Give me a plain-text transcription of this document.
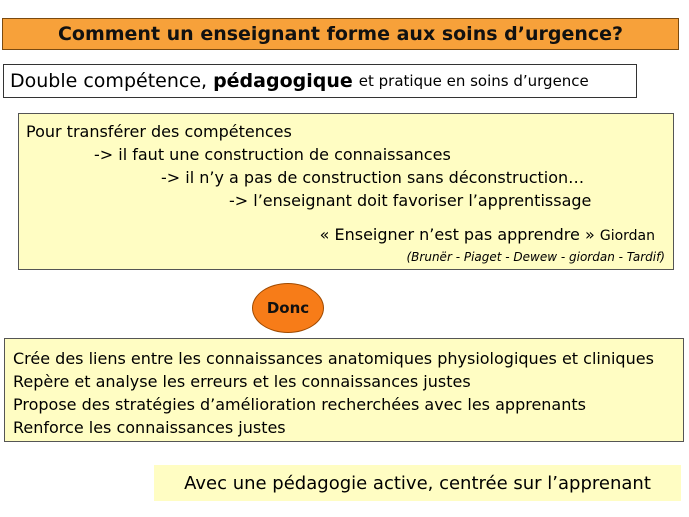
Comment un enseignant forme aux soins d’urgence?
Double compétence, pédagogique et pratique en soins d’urgence
Pour transférer des compétences
-> il faut une construction de connaissances
-> il n’y a pas de construction sans déconstruction…
-> l’enseignant doit favoriser l’apprentissage
« Enseigner n’est pas apprendre » Giordan
(Brunër - Piaget - Dewew - giordan - Tardif)
Donc
Crée des liens entre les connaissances anatomiques physiologiques et cliniques
Repère et analyse les erreurs et les connaissances justes
Propose des stratégies d’amélioration recherchées avec les apprenants
Renforce les connaissances justes
Avec une pédagogie active, centrée sur l’apprenant
